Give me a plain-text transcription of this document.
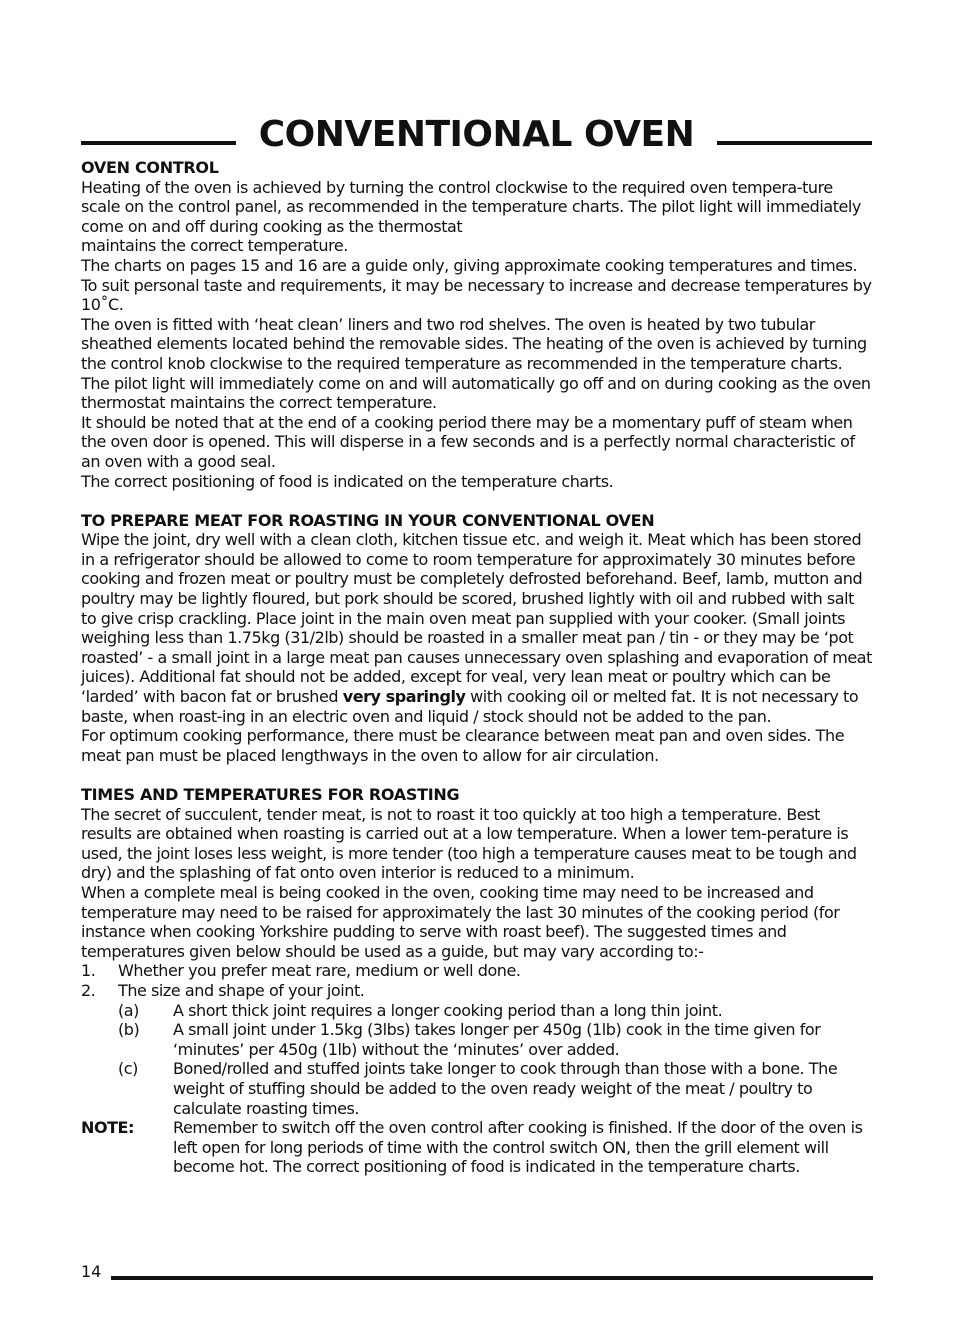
CONVENTIONAL OVEN

OVEN CONTROL

Heating of the oven is achieved by turning the control clockwise to the required oven tempera-ture scale on the control panel, as recommended in the temperature charts. The pilot light will immediately come on and off during cooking as the thermostat

maintains the correct temperature.

The charts on pages 15 and 16 are a guide only, giving approximate cooking temperatures and times. To suit personal taste and requirements, it may be necessary to increase and decrease temperatures by 10˚C.

The oven is fitted with ‘heat clean’ liners and two rod shelves. The oven is heated by two tubular sheathed elements located behind the removable sides. The heating of the oven is achieved by turning the control knob clockwise to the required temperature as recommended in the temperature charts. The pilot light will immediately come on and will automatically go off and on during cooking as the oven thermostat maintains the correct temperature.

It should be noted that at the end of a cooking period there may be a momentary puff of steam when the oven door is opened. This will disperse in a few seconds and is a perfectly normal characteristic of an oven with a good seal.

The correct positioning of food is indicated on the temperature charts.

TO PREPARE MEAT FOR ROASTING IN YOUR CONVENTIONAL OVEN

Wipe the joint, dry well with a clean cloth, kitchen tissue etc. and weigh it. Meat which has been stored in a refrigerator should be allowed to come to room temperature for approximately 30 minutes before cooking and frozen meat or poultry must be completely defrosted beforehand. Beef, lamb, mutton and poultry may be lightly floured, but pork should be scored, brushed lightly with oil and rubbed with salt to give crisp crackling. Place joint in the main oven meat pan supplied with your cooker. (Small joints weighing less than 1.75kg (31/2lb) should be roasted in a smaller meat pan / tin - or they may be ‘pot roasted’ - a small joint in a large meat pan causes unnecessary oven splashing and evaporation of meat juices). Additional fat should not be added, except for veal, very lean meat or poultry which can be ‘larded’ with bacon fat or brushed very sparingly with cooking oil or melted fat. It is not necessary to baste, when roast-ing in an electric oven and liquid / stock should not be added to the pan.

For optimum cooking performance, there must be clearance between meat pan and oven sides. The meat pan must be placed lengthways in the oven to allow for air circulation.

TIMES AND TEMPERATURES FOR ROASTING

The secret of succulent, tender meat, is not to roast it too quickly at too high a temperature. Best results are obtained when roasting is carried out at a low temperature. When a lower tem-perature is used, the joint loses less weight, is more tender (too high a temperature causes meat to be tough and dry) and the splashing of fat onto oven interior is reduced to a minimum.

When a complete meal is being cooked in the oven, cooking time may need to be increased and temperature may need to be raised for approximately the last 30 minutes of the cooking period (for instance when cooking Yorkshire pudding to serve with roast beef). The suggested times and temperatures given below should be used as a guide, but may vary according to:-

1. Whether you prefer meat rare, medium or well done.
2. The size and shape of your joint.
(a) A short thick joint requires a longer cooking period than a long thin joint.
(b) A small joint under 1.5kg (3lbs) takes longer per 450g (1lb) cook in the time given for ‘minutes’ per 450g (1lb) without the ‘minutes’ over added.
(c) Boned/rolled and stuffed joints take longer to cook through than those with a bone. The weight of stuffing should be added to the oven ready weight of the meat / poultry to calculate roasting times.
NOTE: Remember to switch off the oven control after cooking is finished. If the door of the oven is left open for long periods of time with the control switch ON, then the grill element will become hot. The correct positioning of food is indicated in the temperature charts.
14
